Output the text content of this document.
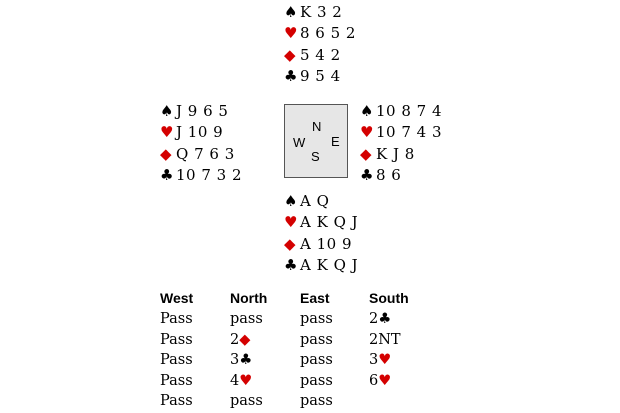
♠ K 3 2
♥ 8 6 5 2
◆ 5 4 2
♣ 9 5 4
♠ J 9 6 5
♥ J 10 9
◆ Q 7 6 3
♣ 10 7 3 2
N
W E
S
♠ 10 8 7 4
♥ 10 7 4 3
◆ K J 8
♣ 8 6
♠ A Q
♥ A K Q J
◆ A 10 9
♣ A K Q J
West	North East	South
Pass	pass	pass 2♣
Pass	2◆	pass 2NT
Pass	3♣	pass 3♥
Pass	4♥	pass 6♥
Pass	pass	pass
